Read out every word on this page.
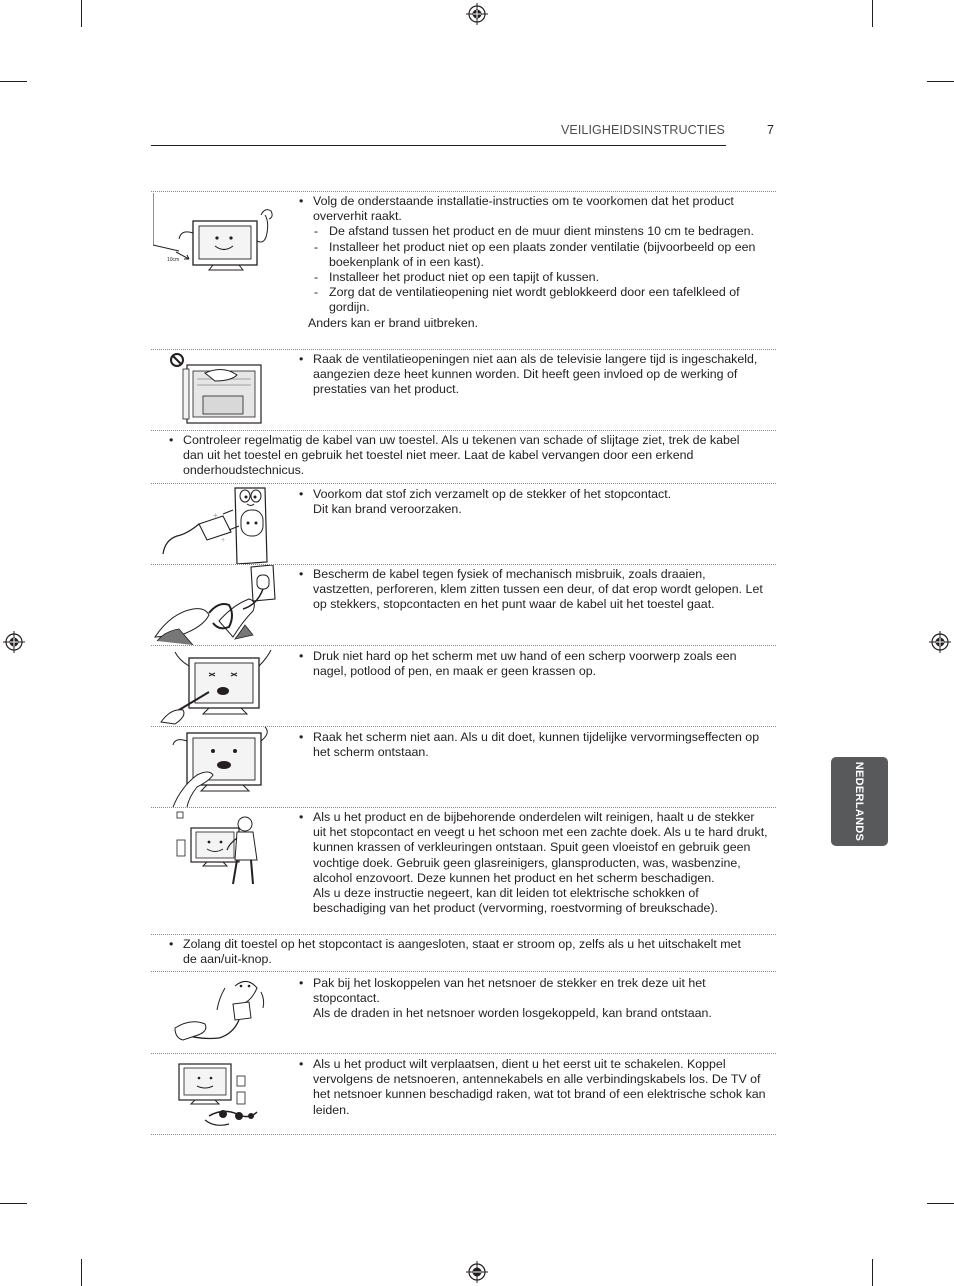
VEILIGHEIDSINSTRUCTIES	7
NEDERLANDS
10cm
• Volg de onderstaande installatie-instructies om te voorkomen dat het product oververhit raakt.
- De afstand tussen het product en de muur dient minstens 10 cm te bedragen.
- Installeer het product niet op een plaats zonder ventilatie (bijvoorbeeld op een boekenplank of in een kast).
- Installeer het product niet op een tapijt of kussen.
- Zorg dat de ventilatieopening niet wordt geblokkeerd door een tafelkleed of gordijn.
Anders kan er brand uitbreken.
• Raak de ventilatieopeningen niet aan als de televisie langere tijd is ingeschakeld, aangezien deze heet kunnen worden. Dit heeft geen invloed op de werking of prestaties van het product.
• Controleer regelmatig de kabel van uw toestel. Als u tekenen van schade of slijtage ziet, trek de kabel dan uit het toestel en gebruik het toestel niet meer. Laat de kabel vervangen door een erkend onderhoudstechnicus.
+
+
• Voorkom dat stof zich verzamelt op de stekker of het stopcontact.
Dit kan brand veroorzaken.
• Bescherm de kabel tegen fysiek of mechanisch misbruik, zoals draaien, vastzetten, perforeren, klem zitten tussen een deur, of dat erop wordt gelopen. Let op stekkers, stopcontacten en het punt waar de kabel uit het toestel gaat.
• Druk niet hard op het scherm met uw hand of een scherp voorwerp zoals een nagel, potlood of pen, en maak er geen krassen op.
• Raak het scherm niet aan. Als u dit doet, kunnen tijdelijke vervormingseffecten op het scherm ontstaan.
• Als u het product en de bijbehorende onderdelen wilt reinigen, haalt u de stekker uit het stopcontact en veegt u het schoon met een zachte doek. Als u te hard drukt, kunnen krassen of verkleuringen ontstaan. Spuit geen vloeistof en gebruik geen vochtige doek. Gebruik geen glasreinigers, glansproducten, was, wasbenzine, alcohol enzovoort. Deze kunnen het product en het scherm beschadigen.
Als u deze instructie negeert, kan dit leiden tot elektrische schokken of beschadiging van het product (vervorming, roestvorming of breukschade).
• Zolang dit toestel op het stopcontact is aangesloten, staat er stroom op, zelfs als u het uitschakelt met de aan/uit-knop.
• Pak bij het loskoppelen van het netsnoer de stekker en trek deze uit het stopcontact.
Als de draden in het netsnoer worden losgekoppeld, kan brand ontstaan.
• Als u het product wilt verplaatsen, dient u het eerst uit te schakelen. Koppel vervolgens de netsnoeren, antennekabels en alle verbindingskabels los. De TV of het netsnoer kunnen beschadigd raken, wat tot brand of een elektrische schok kan leiden.
